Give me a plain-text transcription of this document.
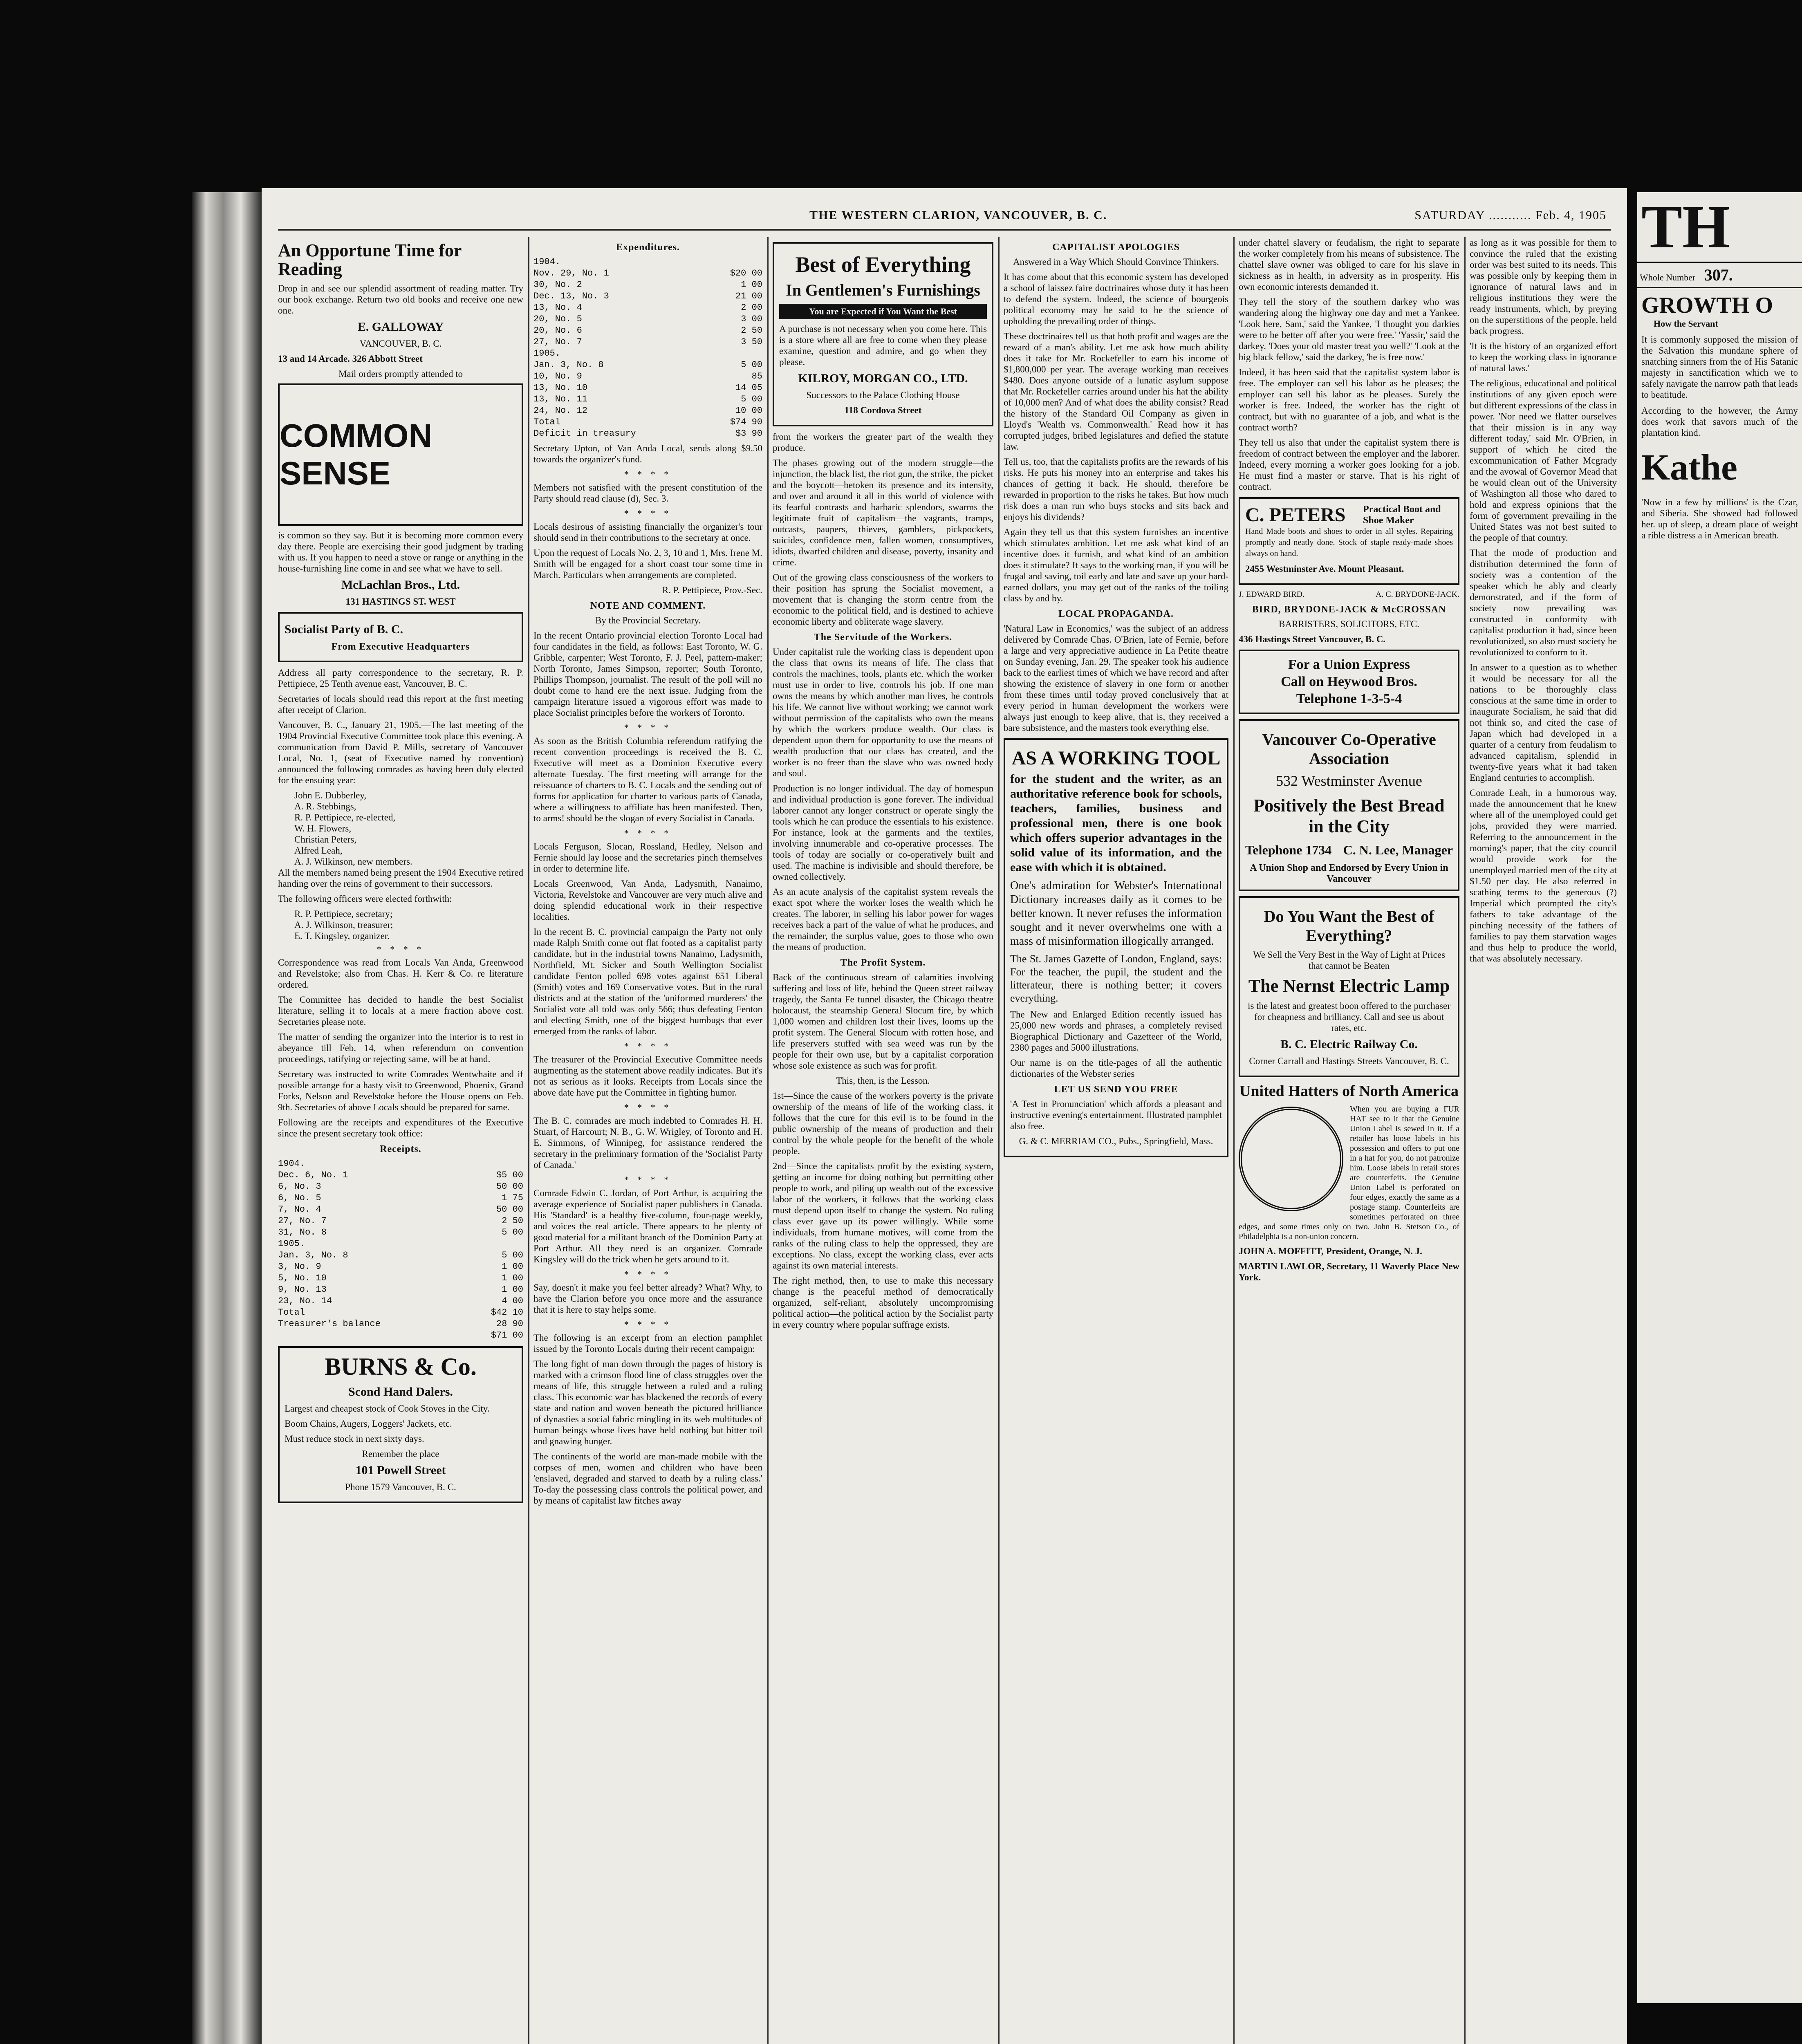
THE WESTERN CLARION, VANCOUVER, B. C.	SATURDAY ........... Feb. 4, 1905
An Opportune Time for Reading

Drop in and see our splendid assortment of reading matter. Try our book exchange. Return two old books and receive one new one.

E. GALLOWAY

VANCOUVER, B. C.

13 and 14 Arcade. 326 Abbott Street

Mail orders promptly attended to

COMMON SENSE

is common so they say. But it is becoming more common every day there. People are exercising their good judgment by trading with us. If you happen to need a stove or range or anything in the house-furnishing line come in and see what we have to sell.

McLachlan Bros., Ltd.

131 HASTINGS ST. WEST

Socialist Party of B. C.
From Executive Headquarters

Address all party correspondence to the secretary, R. P. Pettipiece, 25 Tenth avenue east, Vancouver, B. C.

Secretaries of locals should read this report at the first meeting after receipt of Clarion.

Vancouver, B. C., January 21, 1905.—The last meeting of the 1904 Provincial Executive Committee took place this evening. A communication from David P. Mills, secretary of Vancouver Local, No. 1, (seat of Executive named by convention) announced the following comrades as having been duly elected for the ensuing year:

John E. Dubberley,
A. R. Stebbings,
R. P. Pettipiece, re-elected,
W. H. Flowers,
Christian Peters,
Alfred Leah,
A. J. Wilkinson, new members.

All the members named being present the 1904 Executive retired handing over the reins of government to their successors.

The following officers were elected forthwith:

R. P. Pettipiece, secretary;
A. J. Wilkinson, treasurer;
E. T. Kingsley, organizer.
* * * *

Correspondence was read from Locals Van Anda, Greenwood and Revelstoke; also from Chas. H. Kerr & Co. re literature ordered.

The Committee has decided to handle the best Socialist literature, selling it to locals at a mere fraction above cost. Secretaries please note.

The matter of sending the organizer into the interior is to rest in abeyance till Feb. 14, when referendum on convention proceedings, ratifying or rejecting same, will be at hand.

Secretary was instructed to write Comrades Wentwhaite and if possible arrange for a hasty visit to Greenwood, Phoenix, Grand Forks, Nelson and Revelstoke before the House opens on Feb. 9th. Secretaries of above Locals should be prepared for same.

Following are the receipts and expenditures of the Executive since the present secretary took office:

Receipts.
1904.
Dec. 6, No. 1	$5 00
6, No. 3	50 00
6, No. 5	1 75
7, No. 4	50 00
27, No. 7	2 50
31, No. 8	5 00
1905.
Jan. 3, No. 8	5 00
3, No. 9	1 00
5, No. 10	1 00
9, No. 13	1 00
23, No. 14	4 00
Total	$42 10
Treasurer's balance	28 90
$71 00
BURNS & Co.
Scond Hand Dalers.

Largest and cheapest stock of Cook Stoves in the City.

Boom Chains, Augers, Loggers' Jackets, etc.

Must reduce stock in next sixty days.

Remember the place

101 Powell Street

Phone 1579 Vancouver, B. C.

Expenditures.
1904.
Nov. 29, No. 1	$20 00
30, No. 2	1 00
Dec. 13, No. 3	21 00
13, No. 4	2 00
20, No. 5	3 00
20, No. 6	2 50
27, No. 7	3 50
1905.
Jan. 3, No. 8	5 00
10, No. 9	85
13, No. 10	14 05
13, No. 11	5 00
24, No. 12	10 00
Total	$74 90
Deficit in treasury	$3 90

Secretary Upton, of Van Anda Local, sends along $9.50 towards the organizer's fund.

* * * *

Members not satisfied with the present constitution of the Party should read clause (d), Sec. 3.

* * * *

Locals desirous of assisting financially the organizer's tour should send in their contributions to the secretary at once.

Upon the request of Locals No. 2, 3, 10 and 1, Mrs. Irene M. Smith will be engaged for a short coast tour some time in March. Particulars when arrangements are completed.

R. P. Pettipiece, Prov.-Sec.

NOTE AND COMMENT.

By the Provincial Secretary.

In the recent Ontario provincial election Toronto Local had four candidates in the field, as follows: East Toronto, W. G. Gribble, carpenter; West Toronto, F. J. Peel, pattern-maker; North Toronto, James Simpson, reporter; South Toronto, Phillips Thompson, journalist. The result of the poll will no doubt come to hand ere the next issue. Judging from the campaign literature issued a vigorous effort was made to place Socialist principles before the workers of Toronto.

* * * *

As soon as the British Columbia referendum ratifying the recent convention proceedings is received the B. C. Executive will meet as a Dominion Executive every alternate Tuesday. The first meeting will arrange for the reissuance of charters to B. C. Locals and the sending out of forms for application for charter to various parts of Canada, where a willingness to affiliate has been manifested. Then, to arms! should be the slogan of every Socialist in Canada.

* * * *

Locals Ferguson, Slocan, Rossland, Hedley, Nelson and Fernie should lay loose and the secretaries pinch themselves in order to determine life.

Locals Greenwood, Van Anda, Ladysmith, Nanaimo, Victoria, Revelstoke and Vancouver are very much alive and doing splendid educational work in their respective localities.

In the recent B. C. provincial campaign the Party not only made Ralph Smith come out flat footed as a capitalist party candidate, but in the industrial towns Nanaimo, Ladysmith, Northfield, Mt. Sicker and South Wellington Socialist candidate Fenton polled 698 votes against 651 Liberal (Smith) votes and 169 Conservative votes. But in the rural districts and at the station of the 'uniformed murderers' the Socialist vote all told was only 566; thus defeating Fenton and electing Smith, one of the biggest humbugs that ever emerged from the ranks of labor.

* * * *

The treasurer of the Provincial Executive Committee needs augmenting as the statement above readily indicates. But it's not as serious as it looks. Receipts from Locals since the above date have put the Committee in fighting humor.

* * * *

The B. C. comrades are much indebted to Comrades H. H. Stuart, of Harcourt; N. B., G. W. Wrigley, of Toronto and H. E. Simmons, of Winnipeg, for assistance rendered the secretary in the preliminary formation of the 'Socialist Party of Canada.'

* * * *

Comrade Edwin C. Jordan, of Port Arthur, is acquiring the average experience of Socialist paper publishers in Canada. His 'Standard' is a healthy five-column, four-page weekly, and voices the real article. There appears to be plenty of good material for a militant branch of the Dominion Party at Port Arthur. All they need is an organizer. Comrade Kingsley will do the trick when he gets around to it.

* * * *

Say, doesn't it make you feel better already? What? Why, to have the Clarion before you once more and the assurance that it is here to stay helps some.

* * * *

The following is an excerpt from an election pamphlet issued by the Toronto Locals during their recent campaign:

The long fight of man down through the pages of history is marked with a crimson flood line of class struggles over the means of life, this struggle between a ruled and a ruling class. This economic war has blackened the records of every state and nation and woven beneath the pictured brilliance of dynasties a social fabric mingling in its web multitudes of human beings whose lives have held nothing but bitter toil and gnawing hunger.

The continents of the world are man-made mobile with the corpses of men, women and children who have been 'enslaved, degraded and starved to death by a ruling class.' To-day the possessing class controls the political power, and by means of capitalist law fitches away

Best of Everything
In Gentlemen's Furnishings
You are Expected if You Want the Best

A purchase is not necessary when you come here. This is a store where all are free to come when they please examine, question and admire, and go when they please.

KILROY, MORGAN CO., LTD.

Successors to the Palace Clothing House

118 Cordova Street

from the workers the greater part of the wealth they produce.

The phases growing out of the modern struggle—the injunction, the black list, the riot gun, the strike, the picket and the boycott—betoken its presence and its intensity, and over and around it all in this world of violence with its fearful contrasts and barbaric splendors, swarms the legitimate fruit of capitalism—the vagrants, tramps, outcasts, paupers, thieves, gamblers, pickpockets, suicides, confidence men, fallen women, consumptives, idiots, dwarfed children and disease, poverty, insanity and crime.

Out of the growing class consciousness of the workers to their position has sprung the Socialist movement, a movement that is changing the storm centre from the economic to the political field, and is destined to achieve economic liberty and obliterate wage slavery.

The Servitude of the Workers.

Under capitalist rule the working class is dependent upon the class that owns its means of life. The class that controls the machines, tools, plants etc. which the worker must use in order to live, controls his job. If one man owns the means by which another man lives, he controls his life. We cannot live without working; we cannot work without permission of the capitalists who own the means by which the workers produce wealth. Our class is dependent upon them for opportunity to use the means of wealth production that our class has created, and the worker is no freer than the slave who was owned body and soul.

Production is no longer individual. The day of homespun and individual production is gone forever. The individual laborer cannot any longer construct or operate singly the tools which he can produce the essentials to his existence. For instance, look at the garments and the textiles, involving innumerable and co-operative processes. The tools of today are socially or co-operatively built and used. The machine is indivisible and should therefore, be owned collectively.

As an acute analysis of the capitalist system reveals the exact spot where the worker loses the wealth which he creates. The laborer, in selling his labor power for wages receives back a part of the value of what he produces, and the remainder, the surplus value, goes to those who own the means of production.

The Profit System.

Back of the continuous stream of calamities involving suffering and loss of life, behind the Queen street railway tragedy, the Santa Fe tunnel disaster, the Chicago theatre holocaust, the steamship General Slocum fire, by which 1,000 women and children lost their lives, looms up the profit system. The General Slocum with rotten hose, and life preservers stuffed with sea weed was run by the people for their own use, but by a capitalist corporation whose sole existence as such was for profit.

This, then, is the Lesson.

1st—Since the cause of the workers poverty is the private ownership of the means of life of the working class, it follows that the cure for this evil is to be found in the public ownership of the means of production and their control by the whole people for the benefit of the whole people.

2nd—Since the capitalists profit by the existing system, getting an income for doing nothing but permitting other people to work, and piling up wealth out of the excessive labor of the workers, it follows that the working class must depend upon itself to change the system. No ruling class ever gave up its power willingly. While some individuals, from humane motives, will come from the ranks of the ruling class to help the oppressed, they are exceptions. No class, except the working class, ever acts against its own material interests.

The right method, then, to use to make this necessary change is the peaceful method of democratically organized, self-reliant, absolutely uncompromising political action—the political action by the Socialist party in every country where popular suffrage exists.

CAPITALIST APOLOGIES

Answered in a Way Which Should Convince Thinkers.

It has come about that this economic system has developed a school of laissez faire doctrinaires whose duty it has been to defend the system. Indeed, the science of bourgeois political economy may be said to be the science of upholding the prevailing order of things.

These doctrinaires tell us that both profit and wages are the reward of a man's ability. Let me ask how much ability does it take for Mr. Rockefeller to earn his income of $1,800,000 per year. The average working man receives $480. Does anyone outside of a lunatic asylum suppose that Mr. Rockefeller carries around under his hat the ability of 10,000 men? And of what does the ability consist? Read the history of the Standard Oil Company as given in Lloyd's 'Wealth vs. Commonwealth.' Read how it has corrupted judges, bribed legislatures and defied the statute law.

Tell us, too, that the capitalists profits are the rewards of his risks. He puts his money into an enterprise and takes his chances of getting it back. He should, therefore be rewarded in proportion to the risks he takes. But how much risk does a man run who buys stocks and sits back and enjoys his dividends?

Again they tell us that this system furnishes an incentive which stimulates ambition. Let me ask what kind of an incentive does it furnish, and what kind of an ambition does it stimulate? It says to the working man, if you will be frugal and saving, toil early and late and save up your hard-earned dollars, you may get out of the ranks of the toiling class by and by.

LOCAL PROPAGANDA.

'Natural Law in Economics,' was the subject of an address delivered by Comrade Chas. O'Brien, late of Fernie, before a large and very appreciative audience in La Petite theatre on Sunday evening, Jan. 29. The speaker took his audience back to the earliest times of which we have record and after showing the existence of slavery in one form or another from these times until today proved conclusively that at every period in human development the workers were always just enough to keep alive, that is, they received a bare subsistence, and the masters took everything else.

AS A WORKING TOOL

for the student and the writer, as an authoritative reference book for schools, teachers, families, business and professional men, there is one book which offers superior advantages in the solid value of its information, and the ease with which it is obtained.

One's admiration for Webster's International Dictionary increases daily as it comes to be better known. It never refuses the information sought and it never overwhelms one with a mass of misinformation illogically arranged.

The St. James Gazette of London, England, says: For the teacher, the pupil, the student and the litterateur, there is nothing better; it covers everything.

The New and Enlarged Edition recently issued has 25,000 new words and phrases, a completely revised Biographical Dictionary and Gazetteer of the World, 2380 pages and 5000 illustrations.

Our name is on the title-pages of all the authentic dictionaries of the Webster series

LET US SEND YOU FREE

'A Test in Pronunciation' which affords a pleasant and instructive evening's entertainment. Illustrated pamphlet also free.

G. & C. MERRIAM CO., Pubs., Springfield, Mass.

under chattel slavery or feudalism, the right to separate the worker completely from his means of subsistence. The chattel slave owner was obliged to care for his slave in sickness as in health, in adversity as in prosperity. His own economic interests demanded it.

They tell the story of the southern darkey who was wandering along the highway one day and met a Yankee. 'Look here, Sam,' said the Yankee, 'I thought you darkies were to be better off after you were free.' 'Yassir,' said the darkey. 'Does your old master treat you well?' 'Look at the big black fellow,' said the darkey, 'he is free now.'

Indeed, it has been said that the capitalist system labor is free. The employer can sell his labor as he pleases; the employer can sell his labor as he pleases. Surely the worker is free. Indeed, the worker has the right of contract, but with no guarantee of a job, and what is the contract worth?

They tell us also that under the capitalist system there is freedom of contract between the employer and the laborer. Indeed, every morning a worker goes looking for a job. He must find a master or starve. That is his right of contract.

C. PETERS Practical Boot and Shoe Maker

Hand Made boots and shoes to order in all styles. Repairing promptly and neatly done. Stock of staple ready-made shoes always on hand.

2455 Westminster Ave. Mount Pleasant.

J. EDWARD BIRD.	A. C. BRYDONE-JACK.
BIRD, BRYDONE-JACK & McCROSSAN

BARRISTERS, SOLICITORS, ETC.

436 Hastings Street Vancouver, B. C.

For a Union Express
Call on Heywood Bros.
Telephone 1-3-5-4
Vancouver Co-Operative Association
532 Westminster Avenue
Positively the Best Bread in the City
Telephone 1734 C. N. Lee, Manager
A Union Shop and Endorsed by Every Union in Vancouver
Do You Want the Best of Everything?

We Sell the Very Best in the Way of Light at Prices that cannot be Beaten

The Nernst Electric Lamp

is the latest and greatest boon offered to the purchaser for cheapness and brilliancy. Call and see us about rates, etc.

B. C. Electric Railway Co.

Corner Carrall and Hastings Streets Vancouver, B. C.

United Hatters of North America

When you are buying a FUR HAT see to it that the Genuine Union Label is sewed in it. If a retailer has loose labels in his possession and offers to put one in a hat for you, do not patronize him. Loose labels in retail stores are counterfeits. The Genuine Union Label is perforated on four edges, exactly the same as a postage stamp. Counterfeits are sometimes perforated on three edges, and some times only on two. John B. Stetson Co., of Philadelphia is a non-union concern.

JOHN A. MOFFITT, President, Orange, N. J.

MARTIN LAWLOR, Secretary, 11 Waverly Place New York.

as long as it was possible for them to convince the ruled that the existing order was best suited to its needs. This was possible only by keeping them in ignorance of natural laws and in religious institutions they were the ready instruments, which, by preying on the superstitions of the people, held back progress.

'It is the history of an organized effort to keep the working class in ignorance of natural laws.'

The religious, educational and political institutions of any given epoch were but different expressions of the class in power. 'Nor need we flatter ourselves that their mission is in any way different today,' said Mr. O'Brien, in support of which he cited the excommunication of Father Mcgrady and the avowal of Governor Mead that he would clean out of the University of Washington all those who dared to hold and express opinions that the form of government prevailing in the United States was not best suited to the people of that country.

That the mode of production and distribution determined the form of society was a contention of the speaker which he ably and clearly demonstrated, and if the form of society now prevailing was constructed in conformity with capitalist production it had, since been revolutionized, so also must society be revolutionized to conform to it.

In answer to a question as to whether it would be necessary for all the nations to be thoroughly class conscious at the same time in order to inaugurate Socialism, he said that did not think so, and cited the case of Japan which had developed in a quarter of a century from feudalism to advanced capitalism, splendid in twenty-five years what it had taken England centuries to accomplish.

Comrade Leah, in a humorous way, made the announcement that he knew where all of the unemployed could get jobs, provided they were married. Referring to the announcement in the morning's paper, that the city council would provide work for the unemployed married men of the city at $1.50 per day. He also referred in scathing terms to the generous (?) Imperial which prompted the city's fathers to take advantage of the pinching necessity of the fathers of families to pay them starvation wages and thus help to produce the world, that was absolutely necessary.

TH
Whole Number 307.
GROWTH O
How the Servant

It is commonly supposed the mission of the Salvation this mundane sphere of snatching sinners from the of His Satanic majesty in sanctification which we to safely navigate the narrow path that leads to beatitude.

According to the however, the Army does work that savors much of the plantation kind.

Kathe

'Now in a few by millions' is the Czar, and Siberia. She showed had followed her. up of sleep, a dream place of weight a rible distress a in American breath.
